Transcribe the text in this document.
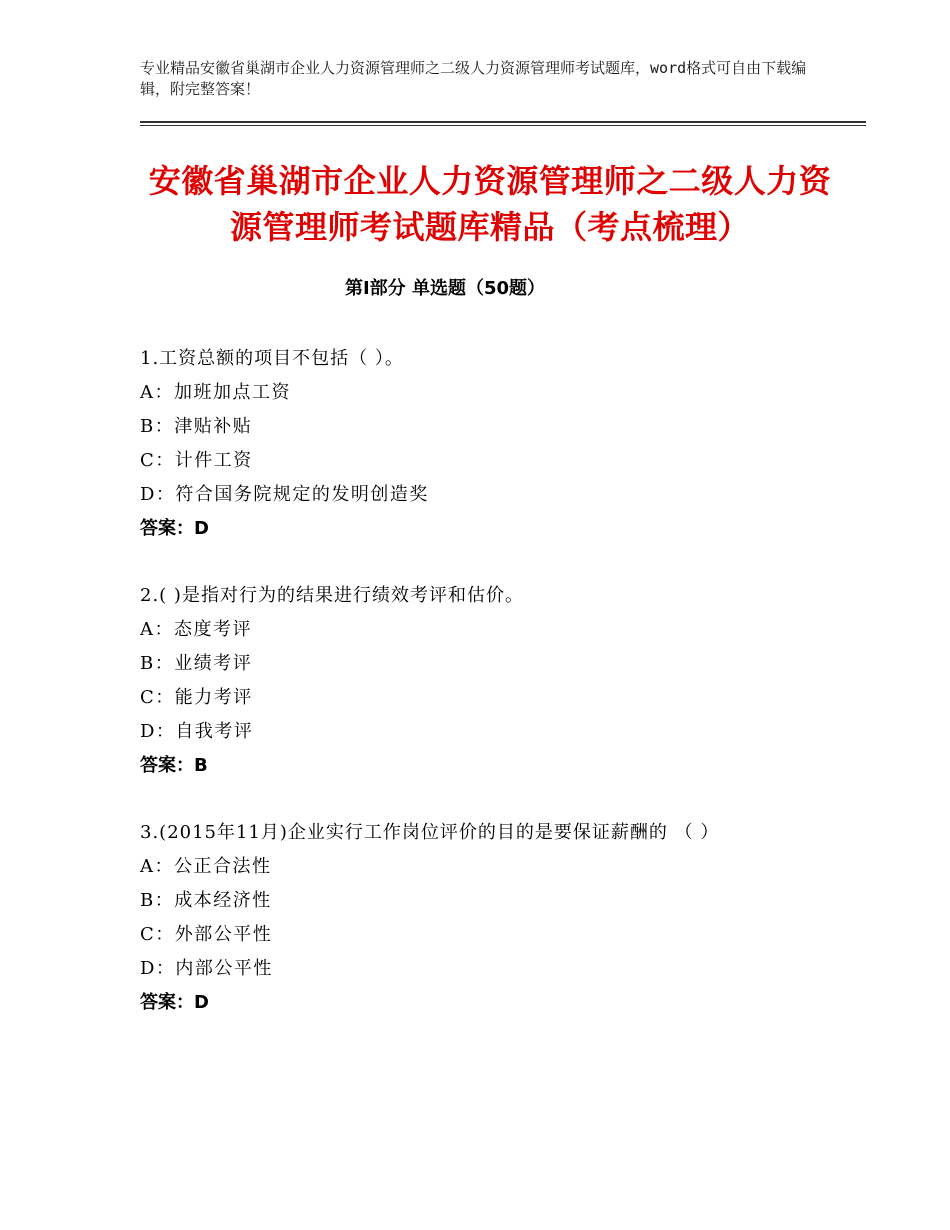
专业精品安徽省巢湖市企业人力资源管理师之二级人力资源管理师考试题库，word格式可自由下载编辑，附完整答案！
安徽省巢湖市企业人力资源管理师之二级人力资源管理师考试题库精品（考点梳理）
第Ⅰ部分 单选题（50题）

1.工资总额的项目不包括（ ）。

A：加班加点工资

B：津贴补贴

C：计件工资

D：符合国务院规定的发明创造奖

答案：D

2.( )是指对行为的结果进行绩效考评和估价。

A：态度考评

B：业绩考评

C：能力考评

D：自我考评

答案：B

3.(2015年11月)企业实行工作岗位评价的目的是要保证薪酬的 （ ）

A：公正合法性

B：成本经济性

C：外部公平性

D：内部公平性

答案：D
